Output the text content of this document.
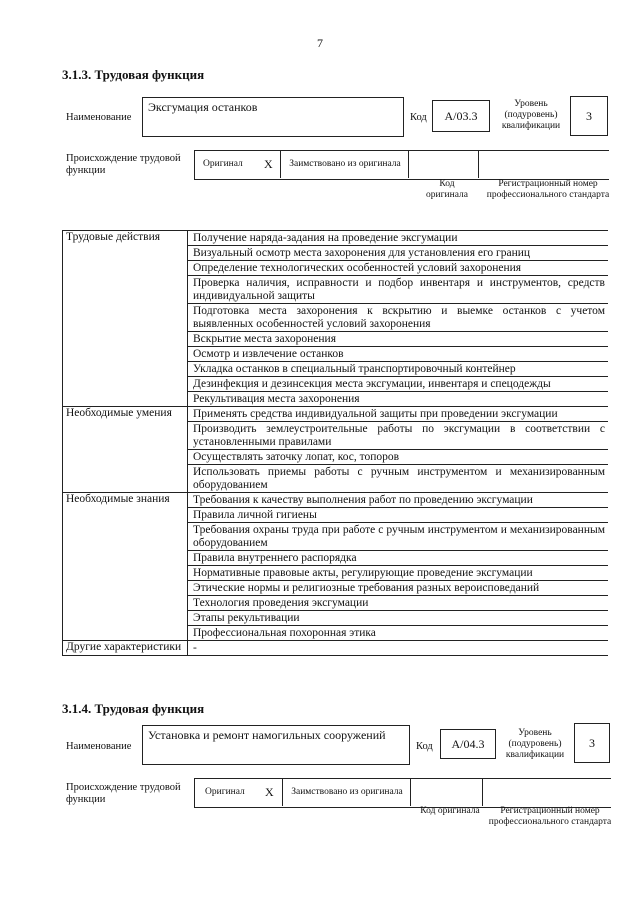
7
3.1.3. Трудовая функция
Наименование
Эксгумация останков
Код	А/03.3
Уровень (подуровень) квалификации
3
Происхождение трудовой функции
Оригинал X	Заимствовано из оригинала
Код оригинала
Регистрационный номер профессионального стандарта
Трудовые действия	Получение наряда-задания на проведение эксгумации
	Визуальный осмотр места захоронения для установления его границ
	Определение технологических особенностей условий захоронения
	Проверка наличия, исправности и подбор инвентаря и инструментов, средств индивидуальной защиты
	Подготовка места захоронения к вскрытию и выемке останков с учетом выявленных особенностей условий захоронения
	Вскрытие места захоронения
	Осмотр и извлечение останков
	Укладка останков в специальный транспортировочный контейнер
	Дезинфекция и дезинсекция места эксгумации, инвентаря и спецодежды
	Рекультивация места захоронения
Необходимые умения	Применять средства индивидуальной защиты при проведении эксгумации
	Производить землеустроительные работы по эксгумации в соответствии с установленными правилами
	Осуществлять заточку лопат, кос, топоров
	Использовать приемы работы с ручным инструментом и механизированным оборудованием
Необходимые знания	Требования к качеству выполнения работ по проведению эксгумации
	Правила личной гигиены
	Требования охраны труда при работе с ручным инструментом и механизированным оборудованием
	Правила внутреннего распорядка
	Нормативные правовые акты, регулирующие проведение эксгумации
	Этические нормы и религиозные требования разных вероисповеданий
	Технология проведения эксгумации
	Этапы рекультивации
	Профессиональная похоронная этика
Другие характеристики	-
3.1.4. Трудовая функция
Наименование
Установка и ремонт намогильных сооружений
Код	А/04.3
Уровень (подуровень) квалификации
3
Происхождение трудовой функции
Оригинал X	Заимствовано из оригинала
Код оригинала	Регистрационный номер профессионального стандарта
